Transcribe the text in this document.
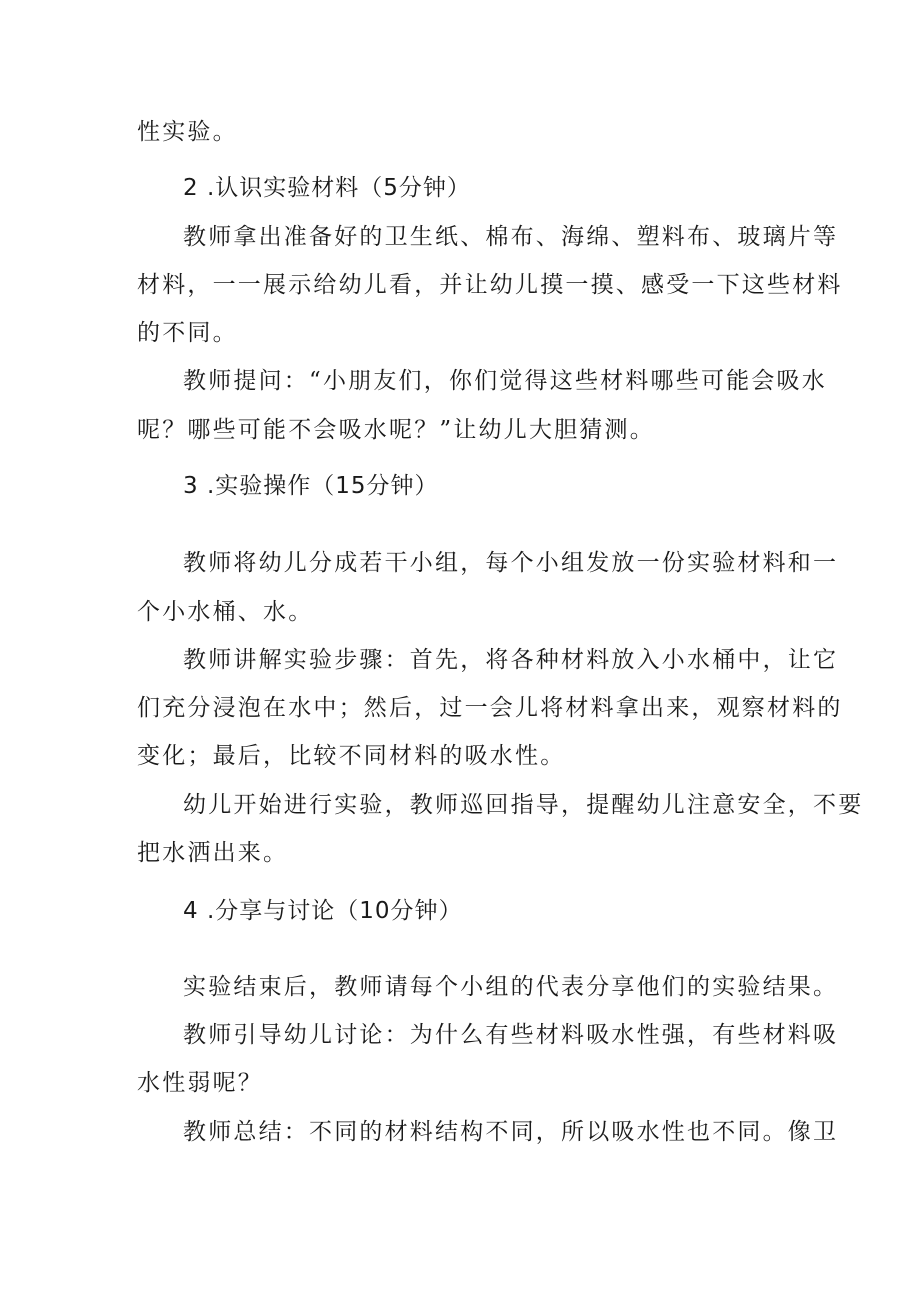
性实验。
2 .认识实验材料（5分钟）
教师拿出准备好的卫生纸、棉布、海绵、塑料布、玻璃片等
材料，一一展示给幼儿看，并让幼儿摸一摸、感受一下这些材料
的不同。
教师提问：“小朋友们，你们觉得这些材料哪些可能会吸水
呢？哪些可能不会吸水呢？”让幼儿大胆猜测。
3 .实验操作（15分钟）
教师将幼儿分成若干小组，每个小组发放一份实验材料和一
个小水桶、水。
教师讲解实验步骤：首先，将各种材料放入小水桶中，让它
们充分浸泡在水中；然后，过一会儿将材料拿出来，观察材料的
变化；最后，比较不同材料的吸水性。
幼儿开始进行实验，教师巡回指导，提醒幼儿注意安全，不要
把水洒出来。
4 .分享与讨论（10分钟）
实验结束后，教师请每个小组的代表分享他们的实验结果。
教师引导幼儿讨论：为什么有些材料吸水性强，有些材料吸
水性弱呢？
教师总结：不同的材料结构不同，所以吸水性也不同。像卫
